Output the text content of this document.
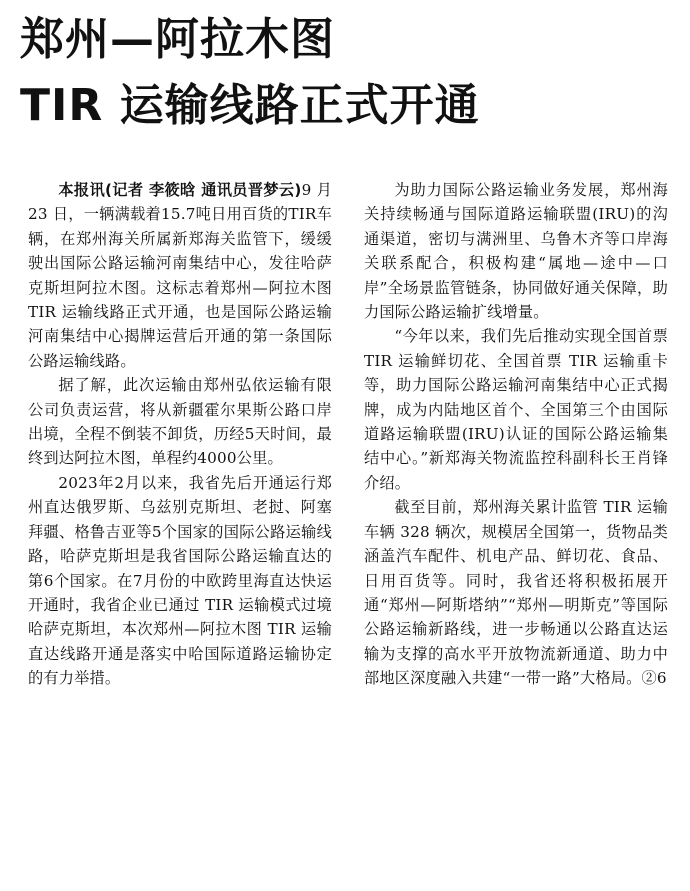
郑州—阿拉木图
TIR 运输线路正式开通

本报讯(记者 李筱晗 通讯员晋梦云)9 月 23 日，一辆满载着15.7吨日用百货的TIR车辆，在郑州海关所属新郑海关监管下，缓缓驶出国际公路运输河南集结中心，发往哈萨克斯坦阿拉木图。这标志着郑州—阿拉木图 TIR 运输线路正式开通，也是国际公路运输河南集结中心揭牌运营后开通的第一条国际公路运输线路。

据了解，此次运输由郑州弘依运输有限公司负责运营，将从新疆霍尔果斯公路口岸出境，全程不倒装不卸货，历经5天时间，最终到达阿拉木图，单程约4000公里。

2023年2月以来，我省先后开通运行郑州直达俄罗斯、乌兹别克斯坦、老挝、阿塞拜疆、格鲁吉亚等5个国家的国际公路运输线路，哈萨克斯坦是我省国际公路运输直达的第6个国家。在7月份的中欧跨里海直达快运开通时，我省企业已通过 TIR 运输模式过境哈萨克斯坦，本次郑州—阿拉木图 TIR 运输直达线路开通是落实中哈国际道路运输协定的有力举措。

为助力国际公路运输业务发展，郑州海关持续畅通与国际道路运输联盟(IRU)的沟通渠道，密切与满洲里、乌鲁木齐等口岸海关联系配合，积极构建“属地—途中—口岸”全场景监管链条，协同做好通关保障，助力国际公路运输扩线增量。

“今年以来，我们先后推动实现全国首票 TIR 运输鲜切花、全国首票 TIR 运输重卡等，助力国际公路运输河南集结中心正式揭牌，成为内陆地区首个、全国第三个由国际道路运输联盟(IRU)认证的国际公路运输集结中心。”新郑海关物流监控科副科长王肖锋介绍。

截至目前，郑州海关累计监管 TIR 运输车辆 328 辆次，规模居全国第一，货物品类涵盖汽车配件、机电产品、鲜切花、食品、日用百货等。同时，我省还将积极拓展开通“郑州—阿斯塔纳”“郑州—明斯克”等国际公路运输新路线，进一步畅通以公路直达运输为支撑的高水平开放物流新通道、助力中部地区深度融入共建“一带一路”大格局。②6
